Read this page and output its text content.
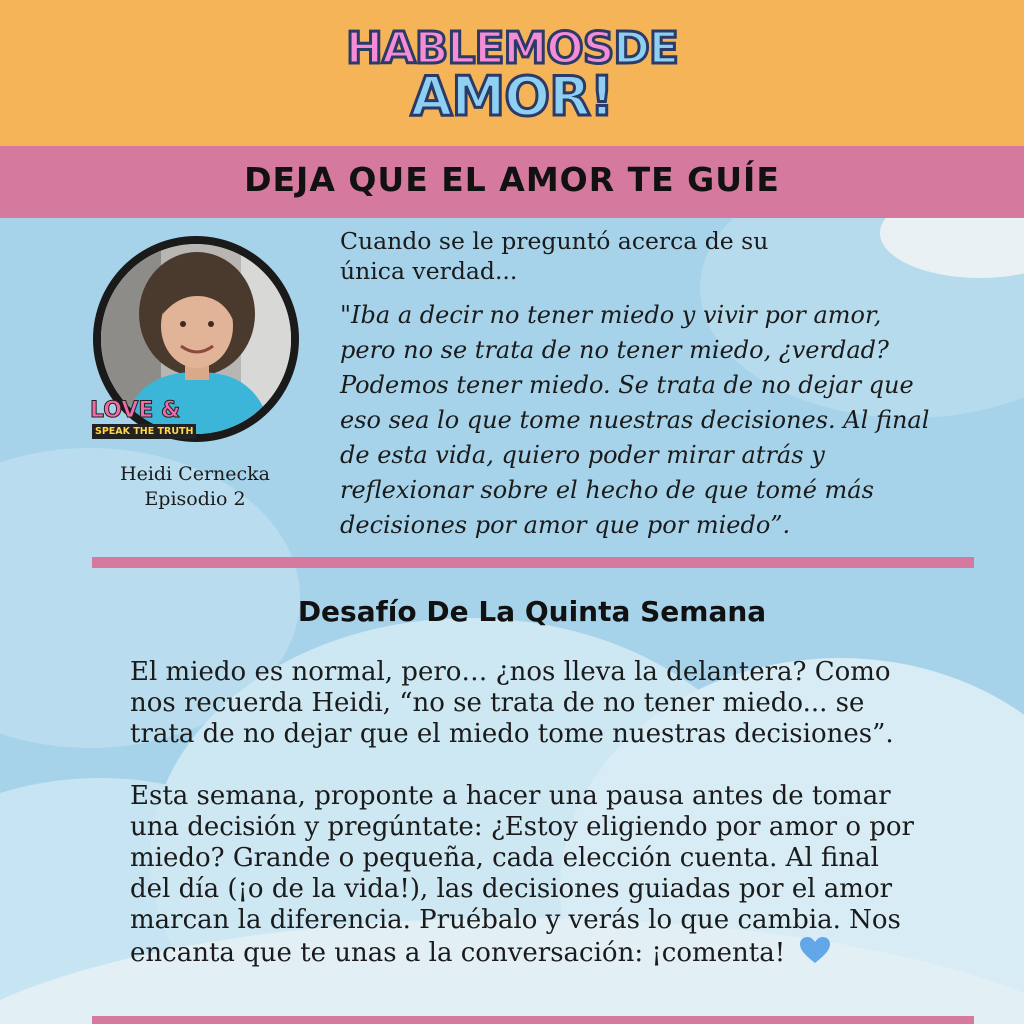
HABLEMOSDE
AMOR!
DEJA QUE EL AMOR TE GUÍE
LOVE &
SPEAK THE TRUTH
Heidi Cernecka
Episodio 2
Cuando se le preguntó acerca de su
única verdad...
"Iba a decir no tener miedo y vivir por amor,
pero no se trata de no tener miedo, ¿verdad?
Podemos tener miedo. Se trata de no dejar que
eso sea lo que tome nuestras decisiones. Al final
de esta vida, quiero poder mirar atrás y
reflexionar sobre el hecho de que tomé más
decisiones por amor que por miedo”.
Desafío De La Quinta Semana
El miedo es normal, pero… ¿nos lleva la delantera? Como
nos recuerda Heidi, “no se trata de no tener miedo... se
trata de no dejar que el miedo tome nuestras decisiones”.
Esta semana, proponte a hacer una pausa antes de tomar
una decisión y pregúntate: ¿Estoy eligiendo por amor o por
miedo? Grande o pequeña, cada elección cuenta. Al final
del día (¡o de la vida!), las decisiones guiadas por el amor
marcan la diferencia. Pruébalo y verás lo que cambia. Nos
encanta que te unas a la conversación: ¡comenta!
